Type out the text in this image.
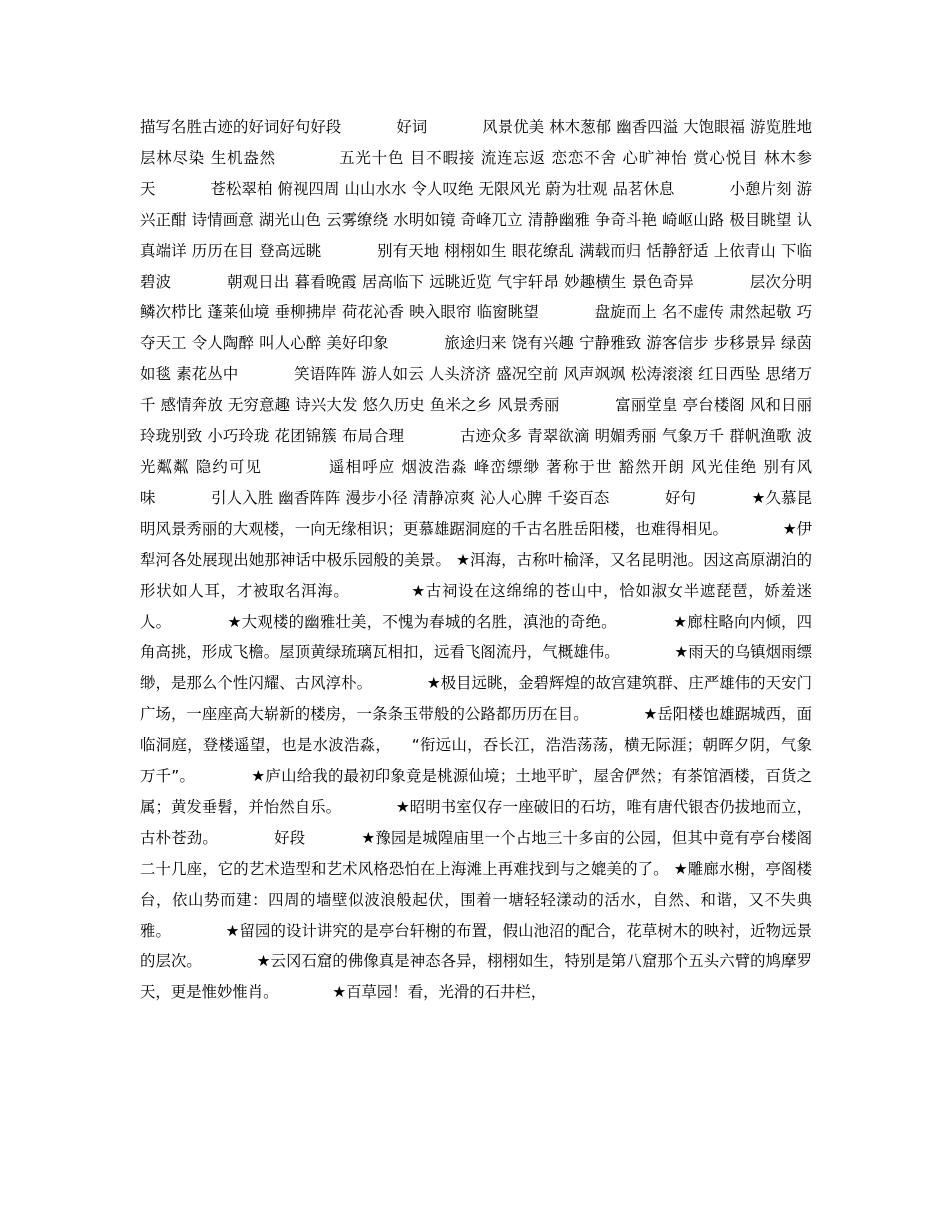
描写名胜古迹的好词好句好段           好词           风景优美 林木葱郁 幽香四溢 大饱眼福 游览胜地 层林尽染 生机盎然           五光十色 目不暇接 流连忘返 恋恋不舍 心旷神怡 赏心悦目 林木参天           苍松翠柏 俯视四周 山山水水 令人叹绝 无限风光 蔚为壮观 品茗休息           小憩片刻 游兴正酣 诗情画意 湖光山色 云雾缭绕 水明如镜 奇峰兀立 清静幽雅 争奇斗艳 崎岖山路 极目眺望 认真端详 历历在目 登高远眺           别有天地 栩栩如生 眼花缭乱 满载而归 恬静舒适 上依青山 下临碧波           朝观日出 暮看晚霞 居高临下 远眺近览 气宇轩昂 妙趣横生 景色奇异           层次分明 鳞次栉比 蓬莱仙境 垂柳拂岸 荷花沁香 映入眼帘 临窗眺望           盘旋而上 名不虚传 肃然起敬 巧夺天工 令人陶醉 叫人心醉 美好印象           旅途归来 饶有兴趣 宁静雅致 游客信步 步移景异 绿茵如毯 素花丛中           笑语阵阵 游人如云 人头济济 盛况空前 风声飒飒 松涛滚滚 红日西坠 思绪万千 感情奔放 无穷意趣 诗兴大发 悠久历史 鱼米之乡 风景秀丽           富丽堂皇 亭台楼阁 风和日丽 玲珑别致 小巧玲珑 花团锦簇 布局合理           古迹众多 青翠欲滴 明媚秀丽 气象万千 群帆渔歌 波光粼粼 隐约可见           遥相呼应 烟波浩淼 峰峦缥缈 著称于世 豁然开朗 风光佳绝 别有风味           引人入胜 幽香阵阵 漫步小径 清静凉爽 沁人心脾 千姿百态           好句           ★久慕昆明风景秀丽的大观楼，一向无缘相识；更慕雄踞洞庭的千古名胜岳阳楼，也难得相见。           ★伊犁河各处展现出她那神话中极乐园般的美景。 ★洱海，古称叶榆泽，又名昆明池。因这高原湖泊的形状如人耳，才被取名洱海。           ★古祠设在这绵绵的苍山中，恰如淑女半遮琵琶，娇羞迷人。           ★大观楼的幽雅壮美，不愧为春城的名胜，滇池的奇绝。           ★廊柱略向内倾，四角高挑，形成飞檐。屋顶黄绿琉璃瓦相扣，远看飞阁流丹，气概雄伟。           ★雨天的乌镇烟雨缥缈，是那么个性闪耀、古风淳朴。           ★极目远眺，金碧辉煌的故宫建筑群、庄严雄伟的天安门广场，一座座高大崭新的楼房，一条条玉带般的公路都历历在目。           ★岳阳楼也雄踞城西，面临洞庭，登楼遥望，也是水波浩淼，    “衔远山，吞长江，浩浩荡荡，横无际涯；朝晖夕阴，气象万千”。           ★庐山给我的最初印象竟是桃源仙境；土地平旷，屋舍俨然；有茶馆酒楼，百货之属；黄发垂髫，并怡然自乐。           ★昭明书室仅存一座破旧的石坊，唯有唐代银杏仍拔地而立，古朴苍劲。           好段           ★豫园是城隍庙里一个占地三十多亩的公园，但其中竟有亭台楼阁二十几座，它的艺术造型和艺术风格恐怕在上海滩上再难找到与之媲美的了。 ★雕廊水榭，亭阁楼台，依山势而建：四周的墙壁似波浪般起伏，围着一塘轻轻漾动的活水，自然、和谐，又不失典雅。           ★留园的设计讲究的是亭台轩榭的布置，假山池沼的配合，花草树木的映衬，近物远景的层次。           ★云冈石窟的佛像真是神态各异，栩栩如生，特别是第八窟那个五头六臂的鸠摩罗天，更是惟妙惟肖。           ★百草园！看，光滑的石井栏，
